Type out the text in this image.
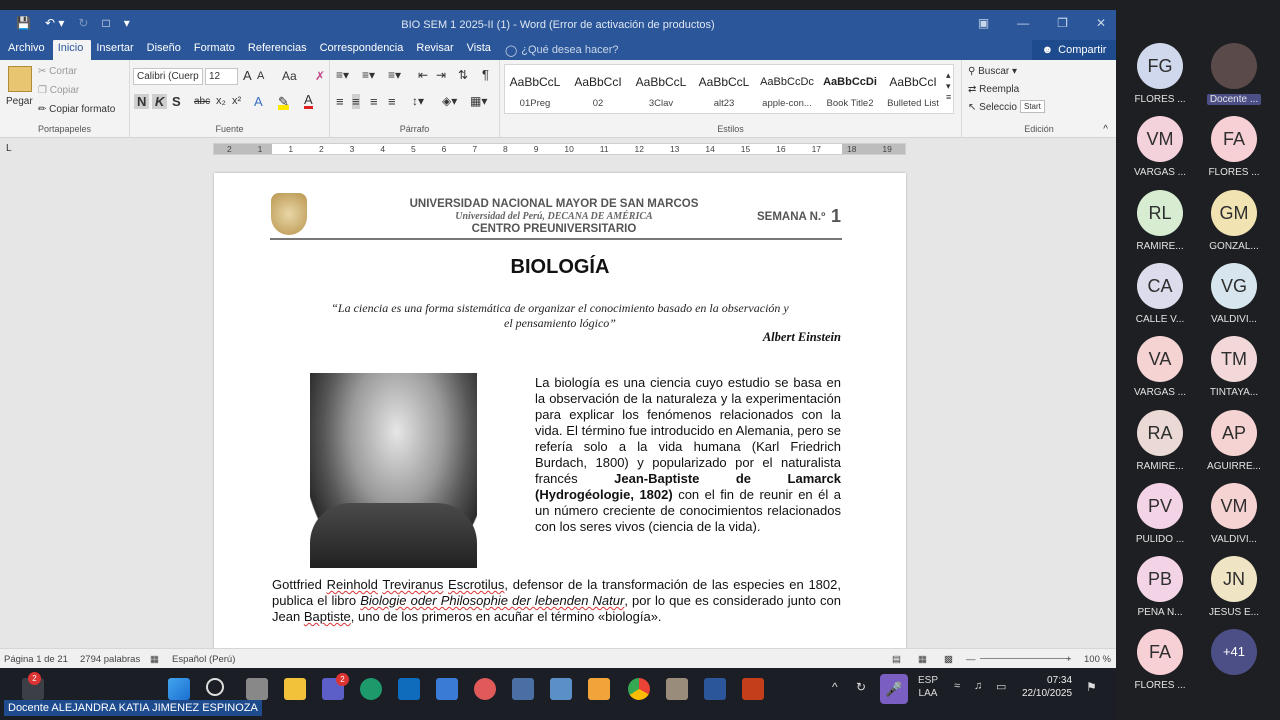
💾 ↶ ▾ ↻ □ ▾	BIO SEM 1 2025-II (1) - Word (Error de activación de productos)	▣ — ❐ ✕
Archivo	Inicio	Insertar	Diseño	Formato	Referencias	Correspondencia	Revisar	Vista	◯ ¿Qué desea hacer?	☻ Compartir
Pegar
✂ Cortar
❐ Copiar
✏ Copiar formato
Portapapeles
Calibri (Cuerp	12	A A Aa ✗
N K S abc x₂ x² A ✎ A
Fuente
≡▾ ≡▾ ≡▾ ⇤ ⇥ ⇅ ¶
≡ ≡ ≡ ≡ ↕▾ ◈▾ ▦▾
Párrafo
AaBbCcL
01Preg
AaBbCcI
02
AaBbCcL
3Clav
AaBbCcL
alt23
AaBbCcDc
apple-con...
AaBbCcDi
Book Title2
AaBbCcI
Bulleted List
▴
▾
≡
Estilos
⚲ Buscar ▾
⇄ Reempla
↖ Seleccio Start
Edición	^
L	2	1	1	2	3	4	5	6	7	8	9	10	11	12	13	14	15	16	17	18	19
UNIVERSIDAD NACIONAL MAYOR DE SAN MARCOS
Universidad del Perú, DECANA DE AMÉRICA
CENTRO PREUNIVERSITARIO
SEMANA N.º 1
BIOLOGÍA
“La ciencia es una forma sistemática de organizar el conocimiento basado en la observación y
el pensamiento lógico”
Albert Einstein
La biología es una ciencia cuyo estudio se basa en la observación de la naturaleza y la experimentación para explicar los fenómenos relacionados con la vida. El término fue introducido en Alemania, pero se refería solo a la vida humana (Karl Friedrich Burdach, 1800) y popularizado por el naturalista francés Jean-Baptiste de Lamarck (Hydrogéologie, 1802) con el fin de reunir en él a un número creciente de conocimientos relacionados con los seres vivos (ciencia de la vida).
Gottfried Reinhold Treviranus Escrotilus, defensor de la transformación de las especies en 1802, publica el libro Biologie oder Philosophie der lebenden Natur, por lo que es considerado junto con Jean Baptiste, uno de los primeros en acuñar el término «biología».
Página 1 de 21 2794 palabras ▦ Español (Perú)	▤ ▦ ▩ —	+ 100 %
FG
FLORES ...	Docente ...
VM
VARGAS ...
FA
FLORES ...
RL
RAMIRE...
GM
GONZAL...
CA
CALLE V...
VG
VALDIVI...
VA
VARGAS ...
TM
TINTAYA...
RA
RAMIRE...
AP
AGUIRRE...
PV
PULIDO ...
VM
VALDIVI...
PB
PEÑA N...
JN
JESUS E...
FA
FLORES ...
+41
2	2
^ ↻	🎤
ESP
LAA
≈ ♫ ▭
07:34
22/10/2025 ⚑
Docente ALEJANDRA KATIA JIMENEZ ESPINOZA
